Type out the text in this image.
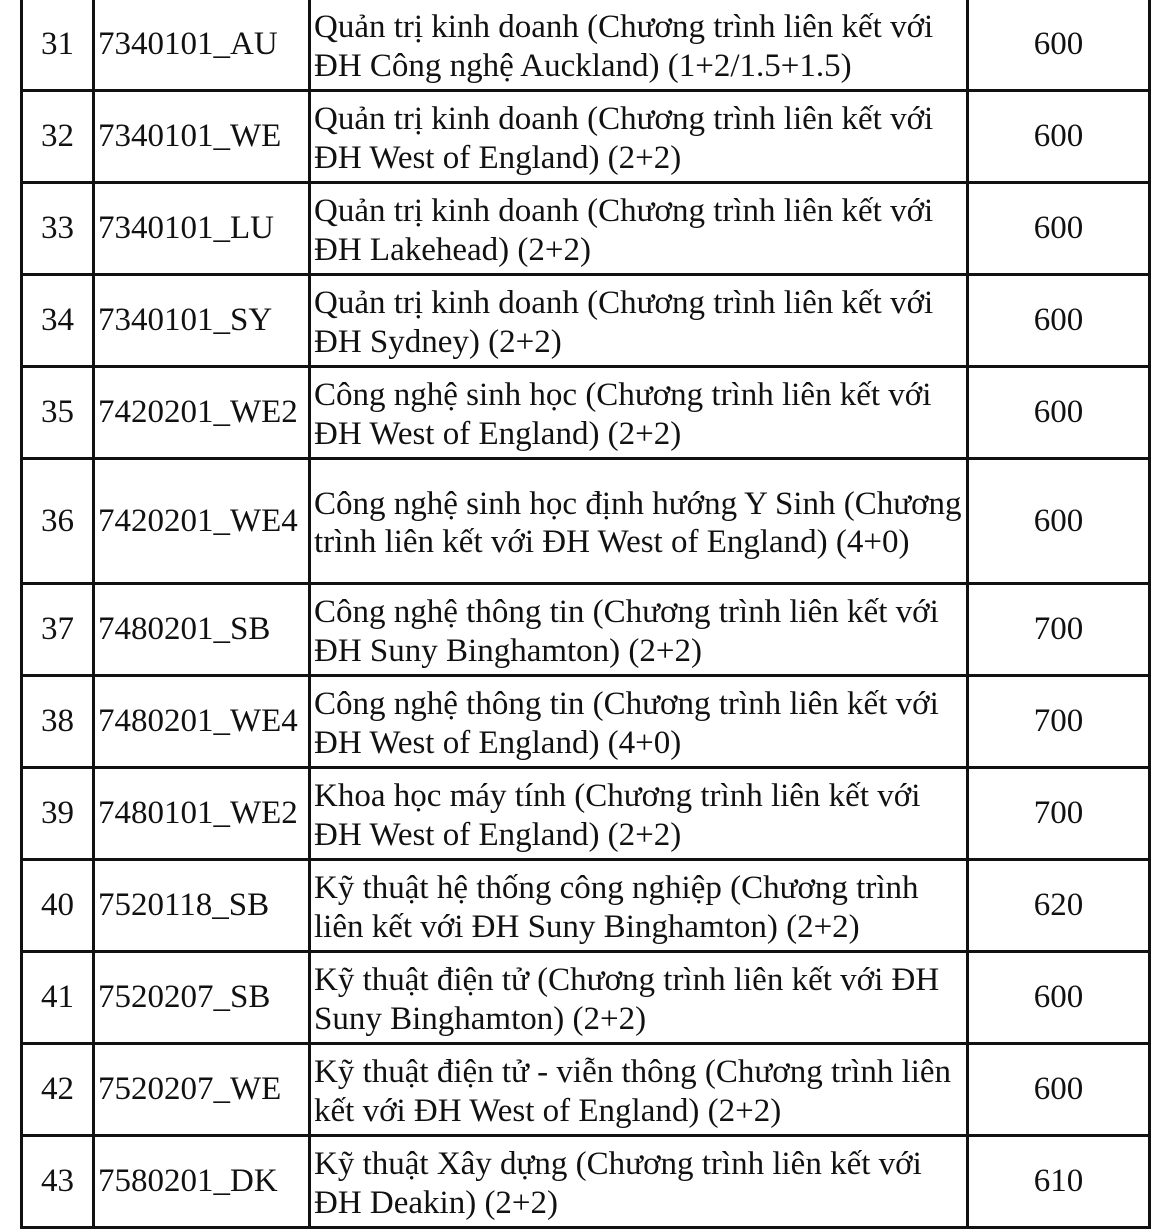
31	7340101_AU	Quản trị kinh doanh (Chương trình liên kết với ĐH Công nghệ Auckland) (1+2/1.5+1.5)	600
32	7340101_WE	Quản trị kinh doanh (Chương trình liên kết với ĐH West of England) (2+2)	600
33	7340101_LU	Quản trị kinh doanh (Chương trình liên kết với ĐH Lakehead) (2+2)	600
34	7340101_SY	Quản trị kinh doanh (Chương trình liên kết với ĐH Sydney) (2+2)	600
35	7420201_WE2	Công nghệ sinh học (Chương trình liên kết với ĐH West of England) (2+2)	600
36	7420201_WE4	Công nghệ sinh học định hướng Y Sinh (Chương trình liên kết với ĐH West of England) (4+0)	600
37	7480201_SB	Công nghệ thông tin (Chương trình liên kết với ĐH Suny Binghamton) (2+2)	700
38	7480201_WE4	Công nghệ thông tin (Chương trình liên kết với ĐH West of England) (4+0)	700
39	7480101_WE2	Khoa học máy tính (Chương trình liên kết với ĐH West of England) (2+2)	700
40	7520118_SB	Kỹ thuật hệ thống công nghiệp (Chương trình liên kết với ĐH Suny Binghamton) (2+2)	620
41	7520207_SB	Kỹ thuật điện tử (Chương trình liên kết với ĐH Suny Binghamton) (2+2)	600
42	7520207_WE	Kỹ thuật điện tử - viễn thông (Chương trình liên kết với ĐH West of England) (2+2)	600
43	7580201_DK	Kỹ thuật Xây dựng (Chương trình liên kết với ĐH Deakin) (2+2)	610
